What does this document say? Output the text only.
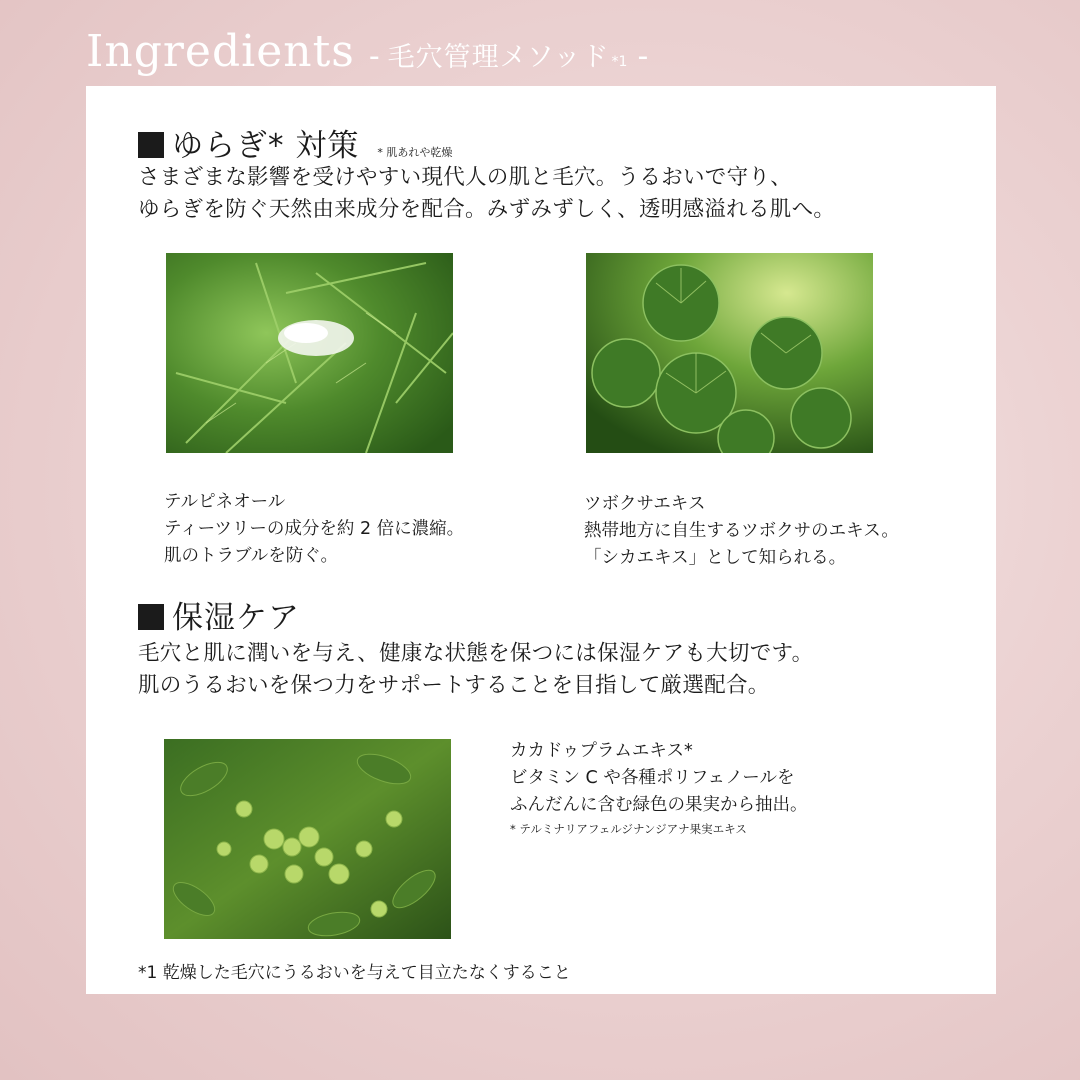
Ingredients - 毛穴管理メソッド *1 -
ゆらぎ* 対策 * 肌あれや乾燥
さまざまな影響を受けやすい現代人の肌と毛穴。うるおいで守り、
ゆらぎを防ぐ天然由来成分を配合。みずみずしく、透明感溢れる肌へ。
テルピネオール
ティーツリーの成分を約 2 倍に濃縮。
肌のトラブルを防ぐ。
ツボクサエキス
熱帯地方に自生するツボクサのエキス。
「シカエキス」として知られる。
保湿ケア
毛穴と肌に潤いを与え、健康な状態を保つには保湿ケアも大切です。
肌のうるおいを保つ力をサポートすることを目指して厳選配合。
カカドゥプラムエキス*
ビタミン C や各種ポリフェノールを
ふんだんに含む緑色の果実から抽出。
* テルミナリアフェルジナンジアナ果実エキス
*1 乾燥した毛穴にうるおいを与えて目立たなくすること
